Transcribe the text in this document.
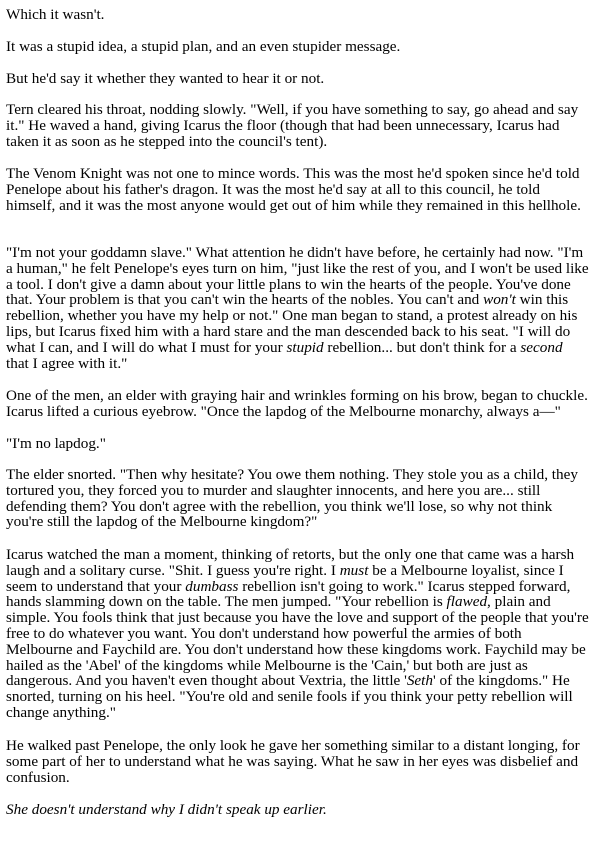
Which it wasn't.

It was a stupid idea, a stupid plan, and an even stupider message.

But he'd say it whether they wanted to hear it or not.

Tern cleared his throat, nodding slowly. "Well, if you have something to say, go ahead and say it." He waved a hand, giving Icarus the floor (though that had been unnecessary, Icarus had taken it as soon as he stepped into the council's tent).

The Venom Knight was not one to mince words. This was the most he'd spoken since he'd told Penelope about his father's dragon. It was the most he'd say at all to this council, he told himself, and it was the most anyone would get out of him while they remained in this hellhole.

"I'm not your goddamn slave." What attention he didn't have before, he certainly had now. "I'm a human," he felt Penelope's eyes turn on him, "just like the rest of you, and I won't be used like a tool. I don't give a damn about your little plans to win the hearts of the people. You've done that. Your problem is that you can't win the hearts of the nobles. You can't and won't win this rebellion, whether you have my help or not." One man began to stand, a protest already on his lips, but Icarus fixed him with a hard stare and the man descended back to his seat. "I will do what I can, and I will do what I must for your stupid rebellion... but don't think for a second that I agree with it."

One of the men, an elder with graying hair and wrinkles forming on his brow, began to chuckle. Icarus lifted a curious eyebrow. "Once the lapdog of the Melbourne monarchy, always a—"

"I'm no lapdog."

The elder snorted. "Then why hesitate? You owe them nothing. They stole you as a child, they tortured you, they forced you to murder and slaughter innocents, and here you are... still defending them? You don't agree with the rebellion, you think we'll lose, so why not think you're still the lapdog of the Melbourne kingdom?"

Icarus watched the man a moment, thinking of retorts, but the only one that came was a harsh laugh and a solitary curse. "Shit. I guess you're right. I must be a Melbourne loyalist, since I seem to understand that your dumbass rebellion isn't going to work." Icarus stepped forward, hands slamming down on the table. The men jumped. "Your rebellion is flawed, plain and simple. You fools think that just because you have the love and support of the people that you're free to do whatever you want. You don't understand how powerful the armies of both Melbourne and Faychild are. You don't understand how these kingdoms work. Faychild may be hailed as the 'Abel' of the kingdoms while Melbourne is the 'Cain,' but both are just as dangerous. And you haven't even thought about Vextria, the little 'Seth' of the kingdoms." He snorted, turning on his heel. "You're old and senile fools if you think your petty rebellion will change anything."

He walked past Penelope, the only look he gave her something similar to a distant longing, for some part of her to understand what he was saying. What he saw in her eyes was disbelief and confusion.

She doesn't understand why I didn't speak up earlier.
